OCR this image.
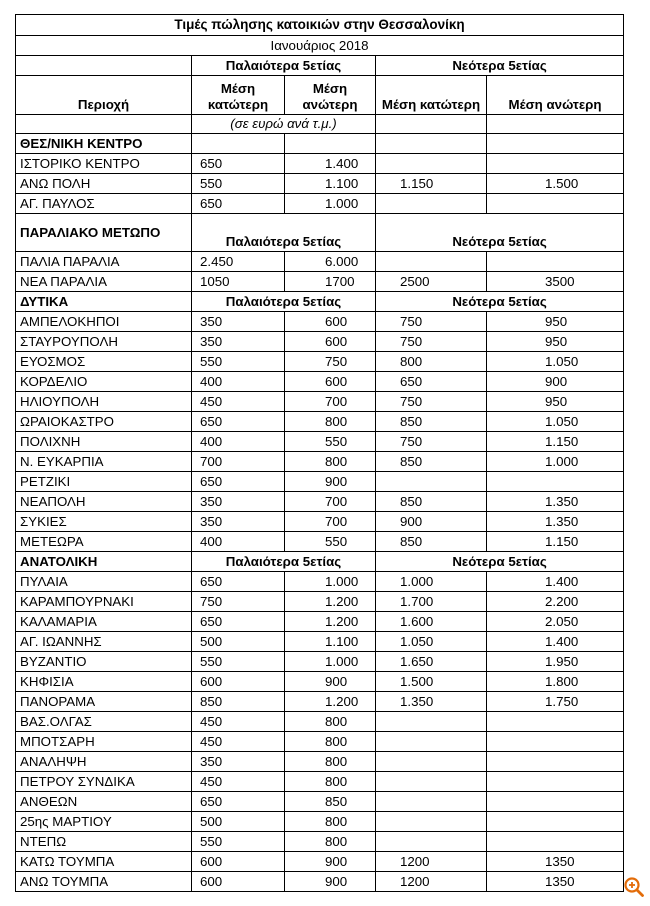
Τιμές πώλησης κατοικιών στην Θεσσαλονίκη				
Ιανουάριος 2018				
	Παλαιότερα 5ετίας		Νεότερα 5ετίας	
Περιοχή	Μέση κατώτερη	Μέση ανώτερη	Μέση κατώτερη	Μέση ανώτερη
	(σε ευρώ ανά τ.μ.)			
ΘΕΣ/ΝΙΚΗ ΚΕΝΤΡΟ				
ΙΣΤΟΡΙΚΟ ΚΕΝΤΡΟ	650	1.400		
ΑΝΩ ΠΟΛΗ	550	1.100	1.150	1.500
ΑΓ. ΠΑΥΛΟΣ	650	1.000		
ΠΑΡΑΛΙΑΚΟ ΜΕΤΩΠΟ	Παλαιότερα 5ετίας		Νεότερα 5ετίας	
ΠΑΛΙΑ ΠΑΡΑΛΙΑ	2.450	6.000		
ΝΕΑ ΠΑΡΑΛΙΑ	1050	1700	2500	3500
ΔΥΤΙΚΑ	Παλαιότερα 5ετίας		Νεότερα 5ετίας	
ΑΜΠΕΛΟΚΗΠΟΙ	350	600	750	950
ΣΤΑΥΡΟΥΠΟΛΗ	350	600	750	950
ΕΥΟΣΜΟΣ	550	750	800	1.050
ΚΟΡΔΕΛΙΟ	400	600	650	900
ΗΛΙΟΥΠΟΛΗ	450	700	750	950
ΩΡΑΙΟΚΑΣΤΡΟ	650	800	850	1.050
ΠΟΛΙΧΝΗ	400	550	750	1.150
Ν. ΕΥΚΑΡΠΙΑ	700	800	850	1.000
ΡΕΤΖΙΚΙ	650	900		
ΝΕΑΠΟΛΗ	350	700	850	1.350
ΣΥΚΙΕΣ	350	700	900	1.350
ΜΕΤΕΩΡΑ	400	550	850	1.150
ΑΝΑΤΟΛΙΚΗ	Παλαιότερα 5ετίας		Νεότερα 5ετίας	
ΠΥΛΑΙΑ	650	1.000	1.000	1.400
ΚΑΡΑΜΠΟΥΡΝΑΚΙ	750	1.200	1.700	2.200
ΚΑΛΑΜΑΡΙΑ	650	1.200	1.600	2.050
ΑΓ. ΙΩΑΝΝΗΣ	500	1.100	1.050	1.400
ΒΥΖΑΝΤΙΟ	550	1.000	1.650	1.950
ΚΗΦΙΣΙΑ	600	900	1.500	1.800
ΠΑΝΟΡΑΜΑ	850	1.200	1.350	1.750
ΒΑΣ.ΟΛΓΑΣ	450	800		
ΜΠΟΤΣΑΡΗ	450	800		
ΑΝΑΛΗΨΗ	350	800		
ΠΕΤΡΟΥ ΣΥΝΔΙΚΑ	450	800		
ΑΝΘΕΩΝ	650	850		
25ης ΜΑΡΤΙΟΥ	500	800		
ΝΤΕΠΩ	550	800		
ΚΑΤΩ ΤΟΥΜΠΑ	600	900	1200	1350
ΑΝΩ ΤΟΥΜΠΑ	600	900	1200	1350
